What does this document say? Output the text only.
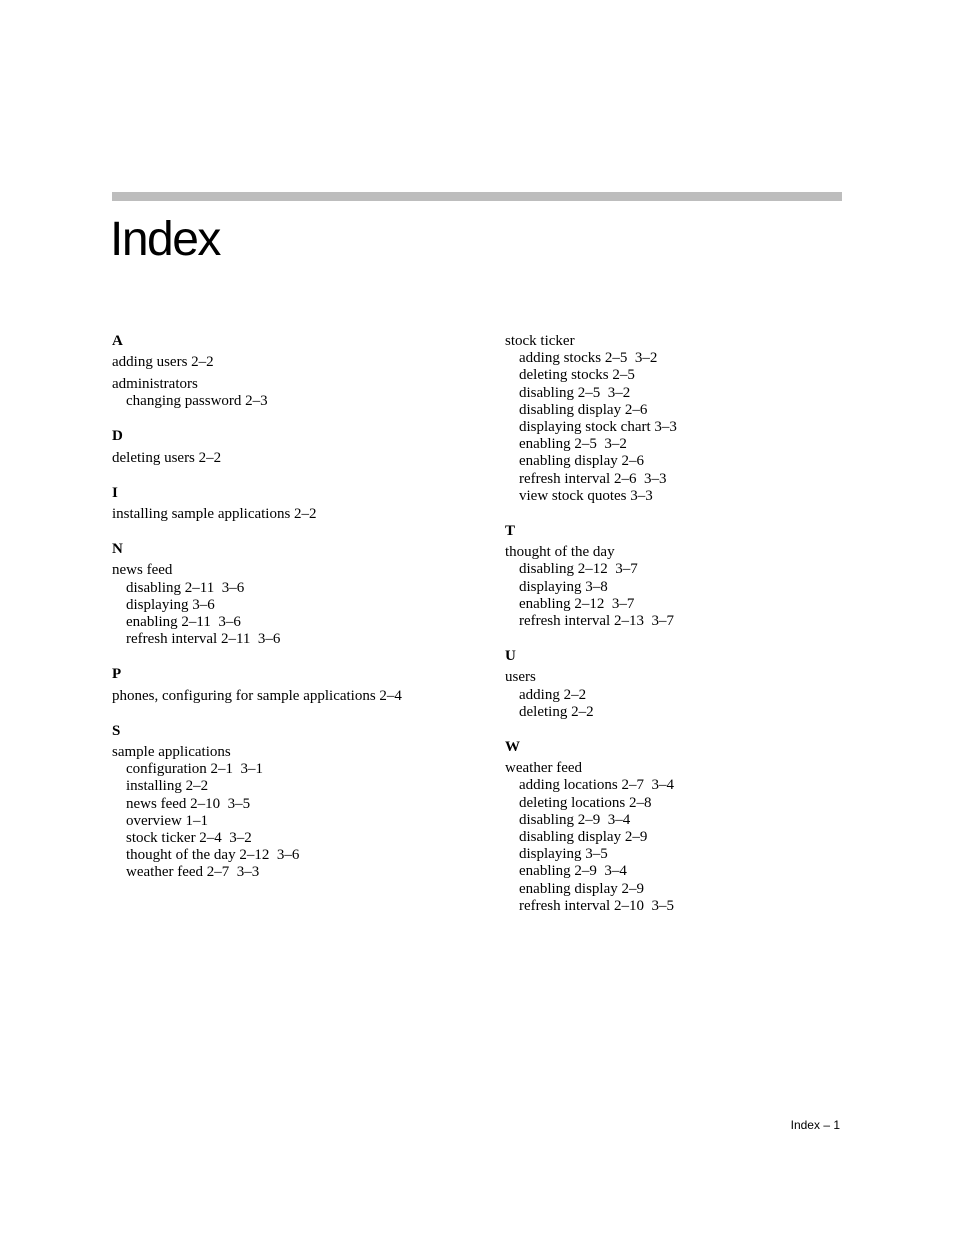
Index
A
adding users 2–2
administrators
changing password 2–3
D
deleting users 2–2
I
installing sample applications 2–2
N
news feed
disabling 2–11  3–6
displaying 3–6
enabling 2–11  3–6
refresh interval 2–11  3–6
P
phones, configuring for sample applications 2–4
S
sample applications
configuration 2–1  3–1
installing 2–2
news feed 2–10  3–5
overview 1–1
stock ticker 2–4  3–2
thought of the day 2–12  3–6
weather feed 2–7  3–3
stock ticker
adding stocks 2–5  3–2
deleting stocks 2–5
disabling 2–5  3–2
disabling display 2–6
displaying stock chart 3–3
enabling 2–5  3–2
enabling display 2–6
refresh interval 2–6  3–3
view stock quotes 3–3
T
thought of the day
disabling 2–12  3–7
displaying 3–8
enabling 2–12  3–7
refresh interval 2–13  3–7
U
users
adding 2–2
deleting 2–2
W
weather feed
adding locations 2–7  3–4
deleting locations 2–8
disabling 2–9  3–4
disabling display 2–9
displaying 3–5
enabling 2–9  3–4
enabling display 2–9
refresh interval 2–10  3–5
Index – 1
